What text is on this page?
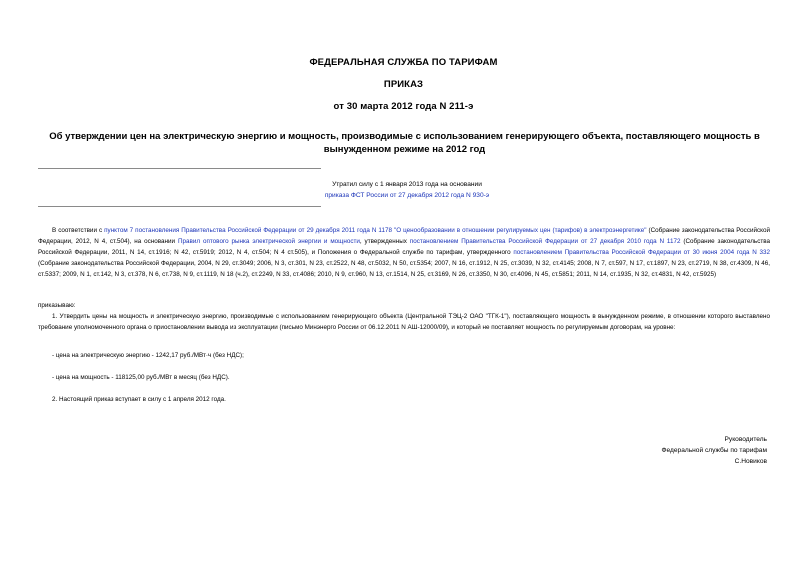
ФЕДЕРАЛЬНАЯ СЛУЖБА ПО ТАРИФАМ
ПРИКАЗ
от 30 марта 2012 года N 211-э
Об утверждении цен на электрическую энергию и мощность, производимые с использованием генерирующего объекта, поставляющего мощность в вынужденном режиме на 2012 год
Утратил силу с 1 января 2013 года на основании
приказа ФСТ России от 27 декабря 2012 года N 930-э
В соответствии с пунктом 7 постановления Правительства Российской Федерации от 29 декабря 2011 года N 1178 "О ценообразовании в отношении регулируемых цен (тарифов) в электроэнергетике" (Собрание законодательства Российской Федерации, 2012, N 4, ст.504), на основании Правил оптового рынка электрической энергии и мощности, утвержденных постановлением Правительства Российской Федерации от 27 декабря 2010 года N 1172 (Собрание законодательства Российской Федерации, 2011, N 14, ст.1916; N 42, ст.5919; 2012, N 4, ст.504; N 4 ст.505), и Положения о Федеральной службе по тарифам, утвержденного постановлением Правительства Российской Федерации от 30 июня 2004 года N 332 (Собрание законодательства Российской Федерации, 2004, N 29, ст.3049; 2006, N 3, ст.301, N 23, ст.2522, N 48, ст.5032, N 50, ст.5354; 2007, N 16, ст.1912, N 25, ст.3039, N 32, ст.4145; 2008, N 7, ст.597, N 17, ст.1897, N 23, ст.2719, N 38, ст.4309, N 46, ст.5337; 2009, N 1, ст.142, N 3, ст.378, N 6, ст.738, N 9, ст.1119, N 18 (ч.2), ст.2249, N 33, ст.4086; 2010, N 9, ст.960, N 13, ст.1514, N 25, ст.3169, N 26, ст.3350, N 30, ст.4096, N 45, ст.5851; 2011, N 14, ст.1935, N 32, ст.4831, N 42, ст.5925)
приказываю:
1. Утвердить цены на мощность и электрическую энергию, производимые с использованием генерирующего объекта (Центральной ТЭЦ-2 ОАО "ТГК-1"), поставляющего мощность в вынужденном режиме, в отношении которого выставлено требование уполномоченного органа о приостановлении вывода из эксплуатации (письмо Минэнерго России от 06.12.2011 N АШ-12000/09), и который не поставляет мощность по регулируемым договорам, на уровне:
- цена на электрическую энергию - 1242,17 руб./МВт·ч (без НДС);
- цена на мощность - 118125,00 руб./МВт в месяц (без НДС).
2. Настоящий приказ вступает в силу с 1 апреля 2012 года.
Руководитель
Федеральной службы по тарифам
С.Новиков
